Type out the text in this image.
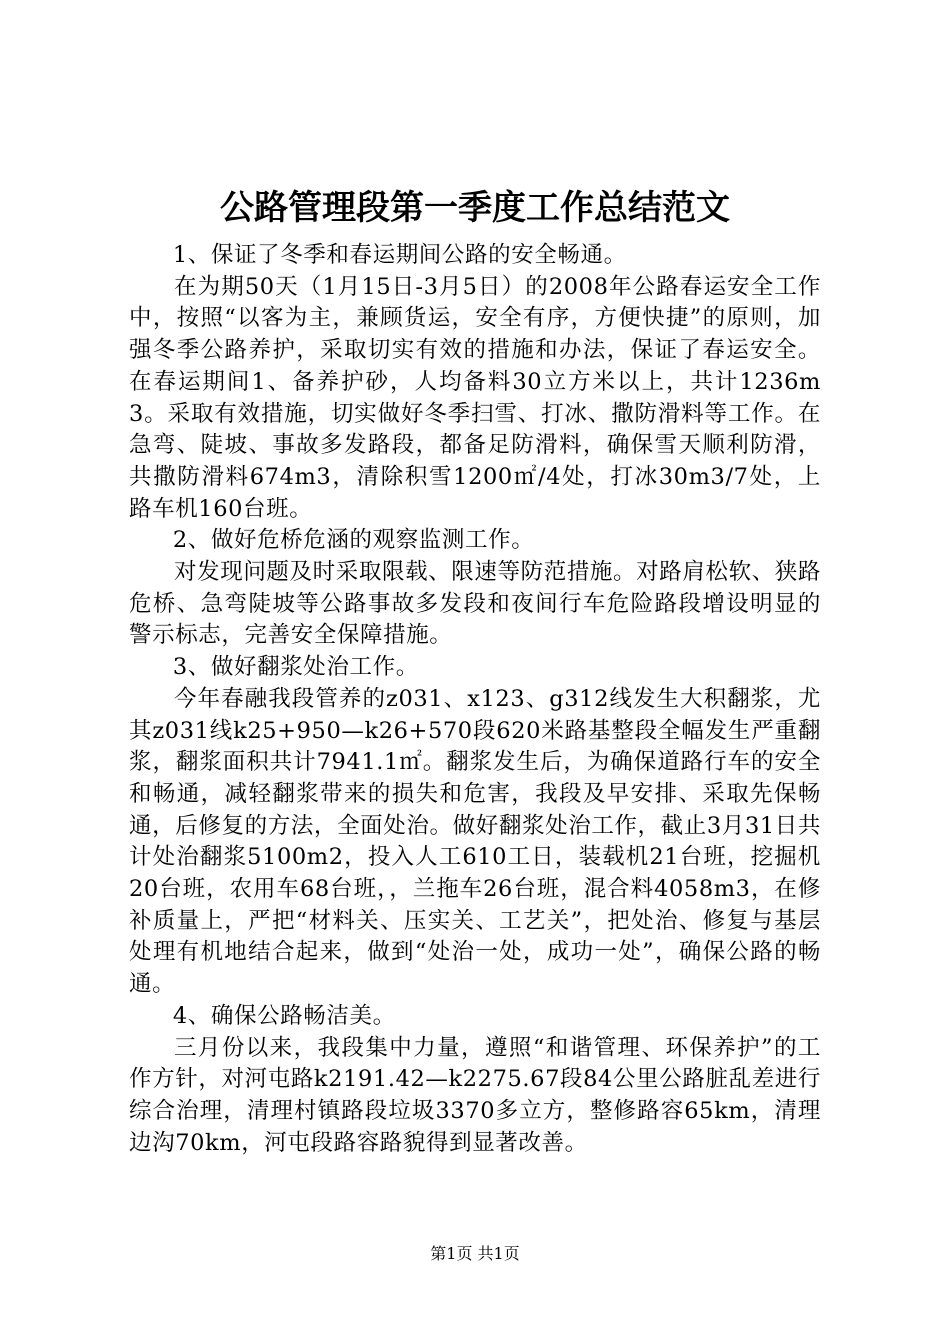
公路管理段第一季度工作总结范文

1、保证了冬季和春运期间公路的安全畅通。

在为期50天（1月15日-3月5日）的2008年公路春运安全工作中，按照“以客为主，兼顾货运，安全有序，方便快捷”的原则，加强冬季公路养护，采取切实有效的措施和办法，保证了春运安全。在春运期间1、备养护砂，人均备料30立方米以上，共计1236m3。采取有效措施，切实做好冬季扫雪、打冰、撒防滑料等工作。在急弯、陡坡、事故多发路段，都备足防滑料，确保雪天顺利防滑，共撒防滑料674m3，清除积雪1200㎡/4处，打冰30m3/7处，上路车机160台班。

2、做好危桥危涵的观察监测工作。

对发现问题及时采取限载、限速等防范措施。对路肩松软、狭路危桥、急弯陡坡等公路事故多发段和夜间行车危险路段增设明显的警示标志，完善安全保障措施。

3、做好翻浆处治工作。

今年春融我段管养的z031、x123、g312线发生大积翻浆，尤其z031线k25+950—k26+570段620米路基整段全幅发生严重翻浆，翻浆面积共计7941.1㎡。翻浆发生后，为确保道路行车的安全和畅通，减轻翻浆带来的损失和危害，我段及早安排、采取先保畅通，后修复的方法，全面处治。做好翻浆处治工作，截止3月31日共计处治翻浆5100m2，投入人工610工日，装载机21台班，挖掘机20台班，农用车68台班，，兰拖车26台班，混合料4058m3，在修补质量上，严把“材料关、压实关、工艺关”，把处治、修复与基层处理有机地结合起来，做到“处治一处，成功一处”，确保公路的畅通。

4、确保公路畅洁美。

三月份以来，我段集中力量，遵照“和谐管理、环保养护”的工作方针，对河屯路k2191.42—k2275.67段84公里公路脏乱差进行综合治理，清理村镇路段垃圾3370多立方，整修路容65km，清理边沟70km，河屯段路容路貌得到显著改善。

第1页 共1页
